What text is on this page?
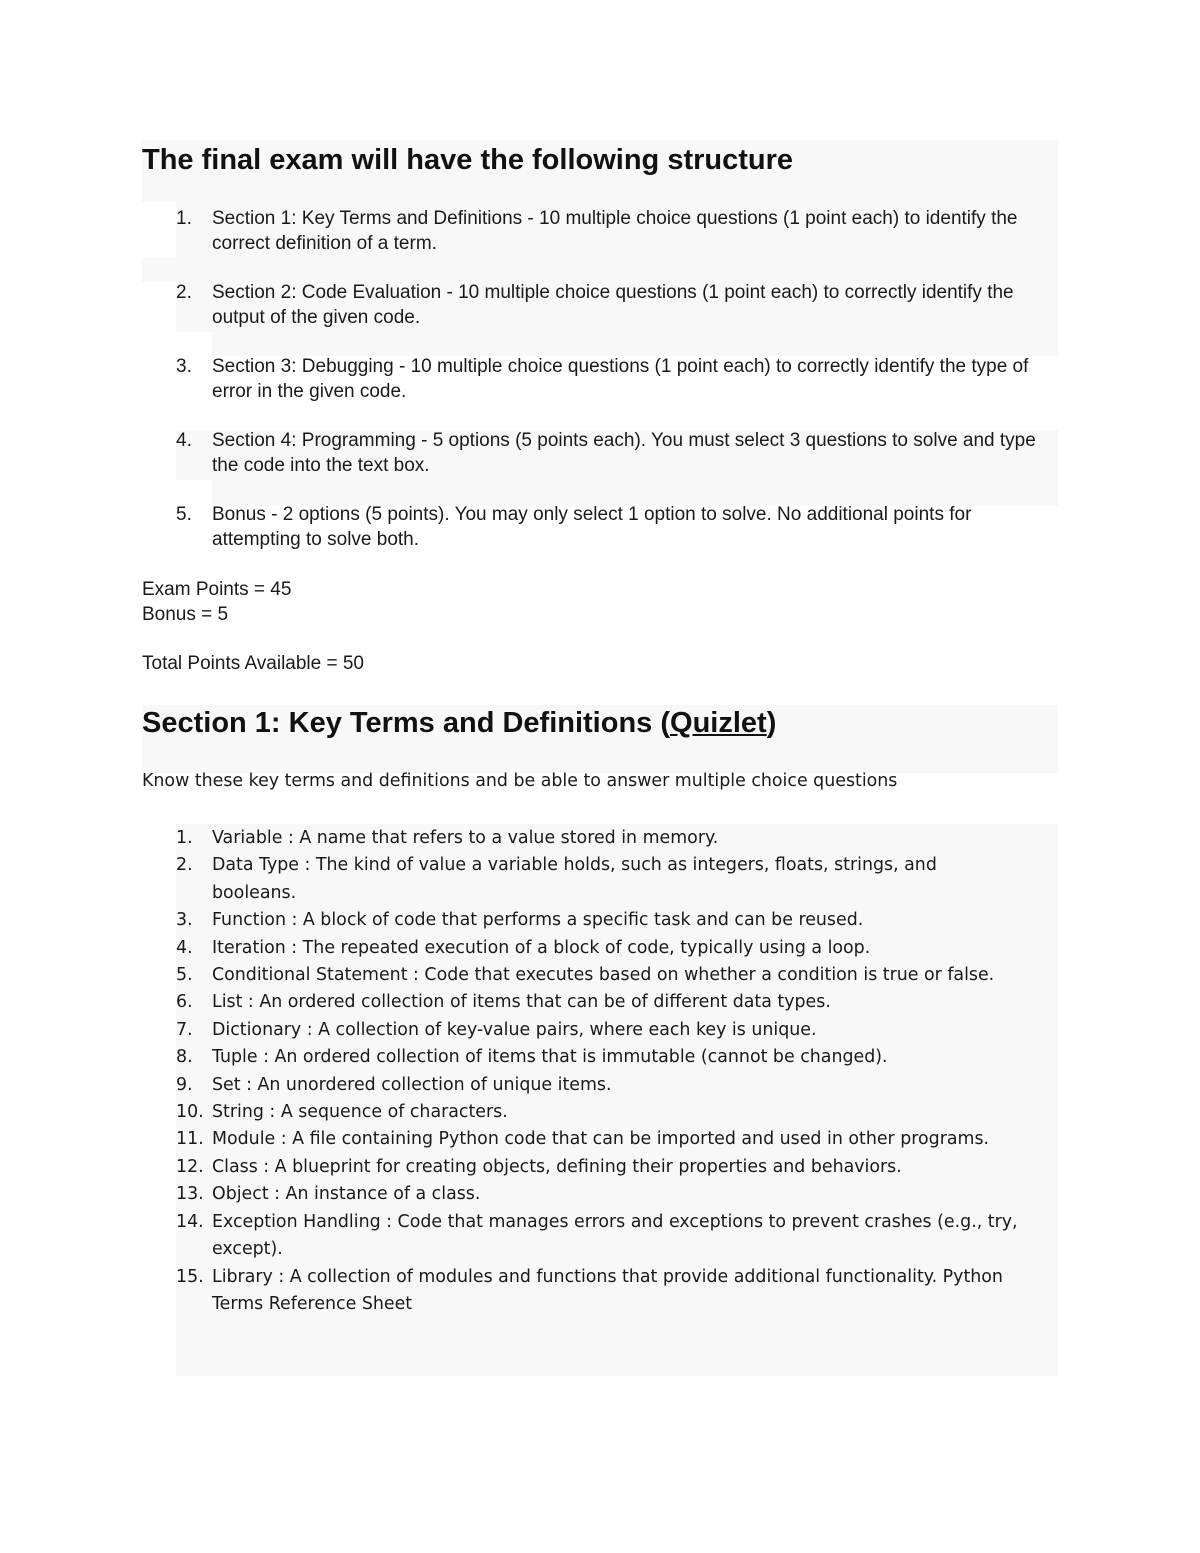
The final exam will have the following structure
1. Section 1: Key Terms and Definitions - 10 multiple choice questions (1 point each) to identify the correct definition of a term.
2. Section 2: Code Evaluation - 10 multiple choice questions (1 point each) to correctly identify the output of the given code.
3. Section 3: Debugging - 10 multiple choice questions (1 point each) to correctly identify the type of error in the given code.
4. Section 4: Programming - 5 options (5 points each). You must select 3 questions to solve and type the code into the text box.
5. Bonus - 2 options (5 points). You may only select 1 option to solve. No additional points for attempting to solve both.

Exam Points = 45

Bonus = 5

Total Points Available = 50

Section 1: Key Terms and Definitions (Quizlet)

Know these key terms and definitions and be able to answer multiple choice questions

1. Variable : A name that refers to a value stored in memory.
2. Data Type : The kind of value a variable holds, such as integers, floats, strings, and booleans.
3. Function : A block of code that performs a specific task and can be reused.
4. Iteration : The repeated execution of a block of code, typically using a loop.
5. Conditional Statement : Code that executes based on whether a condition is true or false.
6. List : An ordered collection of items that can be of different data types.
7. Dictionary : A collection of key-value pairs, where each key is unique.
8. Tuple : An ordered collection of items that is immutable (cannot be changed).
9. Set : An unordered collection of unique items.
10. String : A sequence of characters.
11. Module : A file containing Python code that can be imported and used in other programs.
12. Class : A blueprint for creating objects, defining their properties and behaviors.
13. Object : An instance of a class.
14. Exception Handling : Code that manages errors and exceptions to prevent crashes (e.g., try, except).
15. Library : A collection of modules and functions that provide additional functionality. Python Terms Reference Sheet
